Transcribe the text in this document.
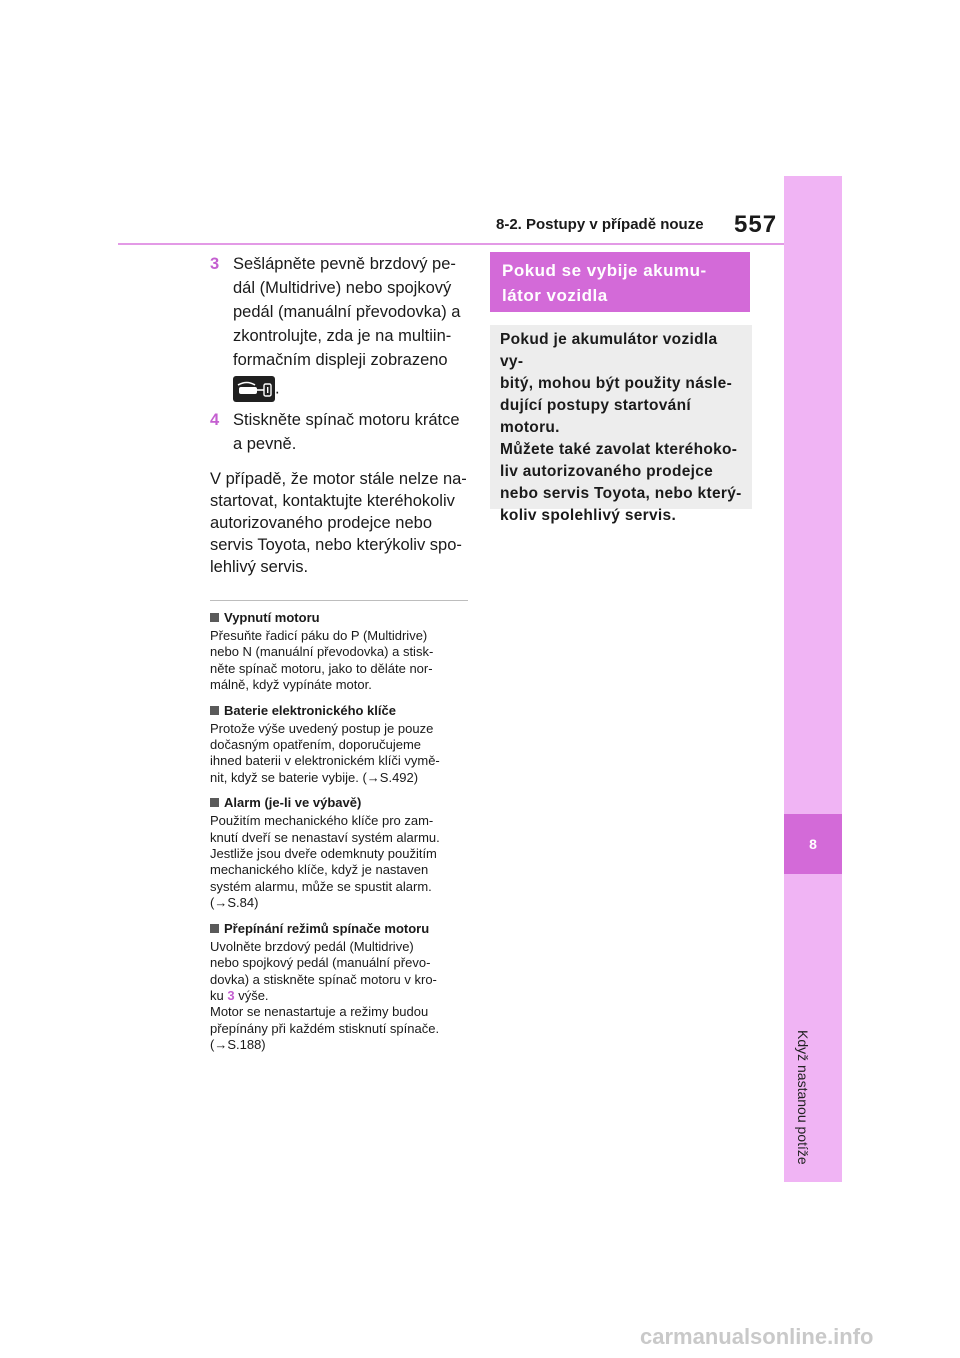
8
Když nastanou potíže
8-2. Postupy v případě nouze 557
3 Sešlápněte pevně brzdový pe-dál (Multidrive) nebo spojkový pedál (manuální převodovka) a zkontrolujte, zda je na multiin-formačním displeji zobrazeno
.
4 Stiskněte spínač motoru krátce a pevně.
V případě, že motor stále nelze na-startovat, kontaktujte kteréhokoliv autorizovaného prodejce nebo servis Toyota, nebo kterýkoliv spo-lehlivý servis.
Vypnutí motoru
Přesuňte řadicí páku do P (Multidrive)
nebo N (manuální převodovka) a stisk-
něte spínač motoru, jako to děláte nor-
málně, když vypínáte motor.
Baterie elektronického klíče
Protože výše uvedený postup je pouze
dočasným opatřením, doporučujeme
ihned baterii v elektronickém klíči vymě-
nit, když se baterie vybije. (→S.492)
Alarm (je-li ve výbavě)
Použitím mechanického klíče pro zam-
knutí dveří se nenastaví systém alarmu.
Jestliže jsou dveře odemknuty použitím
mechanického klíče, když je nastaven
systém alarmu, může se spustit alarm.
(→S.84)
Přepínání režimů spínače motoru
Uvolněte brzdový pedál (Multidrive)
nebo spojkový pedál (manuální převo-
dovka) a stiskněte spínač motoru v kro-
ku 3 výše.
Motor se nenastartuje a režimy budou
přepínány při každém stisknutí spínače.
(→S.188)
Pokud se vybije akumu-
látor vozidla
Pokud je akumulátor vozidla vy-
bitý, mohou být použity násle-
dující postupy startování
motoru.
Můžete také zavolat kteréhoko-
liv autorizovaného prodejce
nebo servis Toyota, nebo který-
koliv spolehlivý servis.
carmanualsonline.info
